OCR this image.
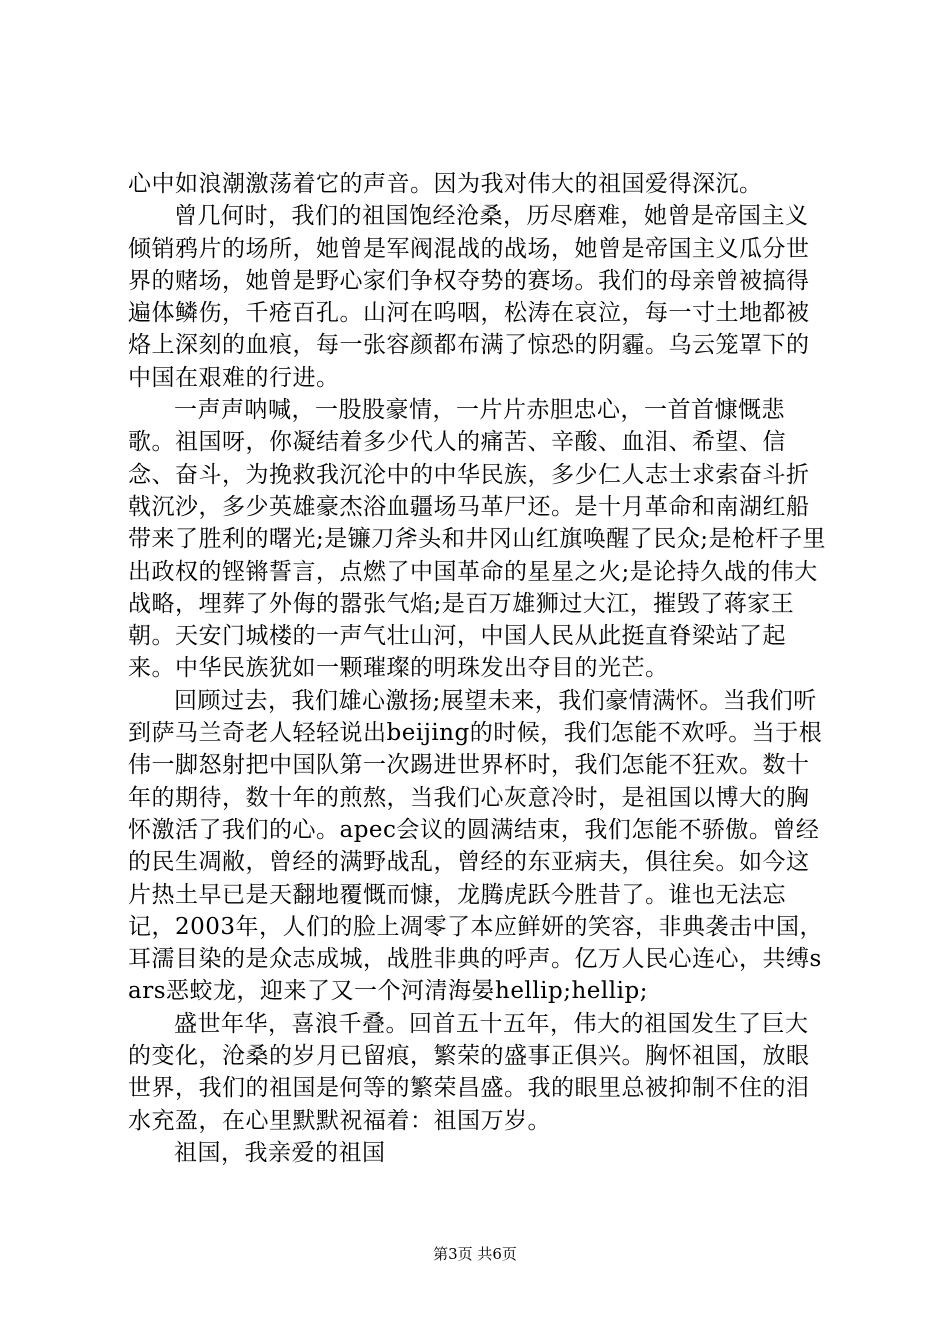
心中如浪潮激荡着它的声音。因为我对伟大的祖国爱得深沉。

曾几何时，我们的祖国饱经沧桑，历尽磨难，她曾是帝国主义倾销鸦片的场所，她曾是军阀混战的战场，她曾是帝国主义瓜分世界的赌场，她曾是野心家们争权夺势的赛场。我们的母亲曾被搞得遍体鳞伤，千疮百孔。山河在呜咽，松涛在哀泣，每一寸土地都被烙上深刻的血痕，每一张容颜都布满了惊恐的阴霾。乌云笼罩下的中国在艰难的行进。

一声声呐喊，一股股豪情，一片片赤胆忠心，一首首慷慨悲歌。祖国呀，你凝结着多少代人的痛苦、辛酸、血泪、希望、信念、奋斗，为挽救我沉沦中的中华民族，多少仁人志士求索奋斗折戟沉沙，多少英雄豪杰浴血疆场马革尸还。是十月革命和南湖红船带来了胜利的曙光;是镰刀斧头和井冈山红旗唤醒了民众;是枪杆子里出政权的铿锵誓言，点燃了中国革命的星星之火;是论持久战的伟大战略，埋葬了外侮的嚣张气焰;是百万雄狮过大江，摧毁了蒋家王朝。天安门城楼的一声气壮山河，中国人民从此挺直脊梁站了起来。中华民族犹如一颗璀璨的明珠发出夺目的光芒。

回顾过去，我们雄心激扬;展望未来，我们豪情满怀。当我们听到萨马兰奇老人轻轻说出beijing的时候，我们怎能不欢呼。当于根伟一脚怒射把中国队第一次踢进世界杯时，我们怎能不狂欢。数十年的期待，数十年的煎熬，当我们心灰意冷时，是祖国以博大的胸怀激活了我们的心。apec会议的圆满结束，我们怎能不骄傲。曾经的民生凋敝，曾经的满野战乱，曾经的东亚病夫，俱往矣。如今这片热土早已是天翻地覆慨而慷，龙腾虎跃今胜昔了。谁也无法忘记，2003年，人们的脸上凋零了本应鲜妍的笑容，非典袭击中国，耳濡目染的是众志成城，战胜非典的呼声。亿万人民心连心，共缚sars恶蛟龙，迎来了又一个河清海晏hellip;hellip;

盛世年华，喜浪千叠。回首五十五年，伟大的祖国发生了巨大的变化，沧桑的岁月已留痕，繁荣的盛事正俱兴。胸怀祖国，放眼世界，我们的祖国是何等的繁荣昌盛。我的眼里总被抑制不住的泪水充盈，在心里默默祝福着：祖国万岁。

祖国，我亲爱的祖国

第3页 共6页
